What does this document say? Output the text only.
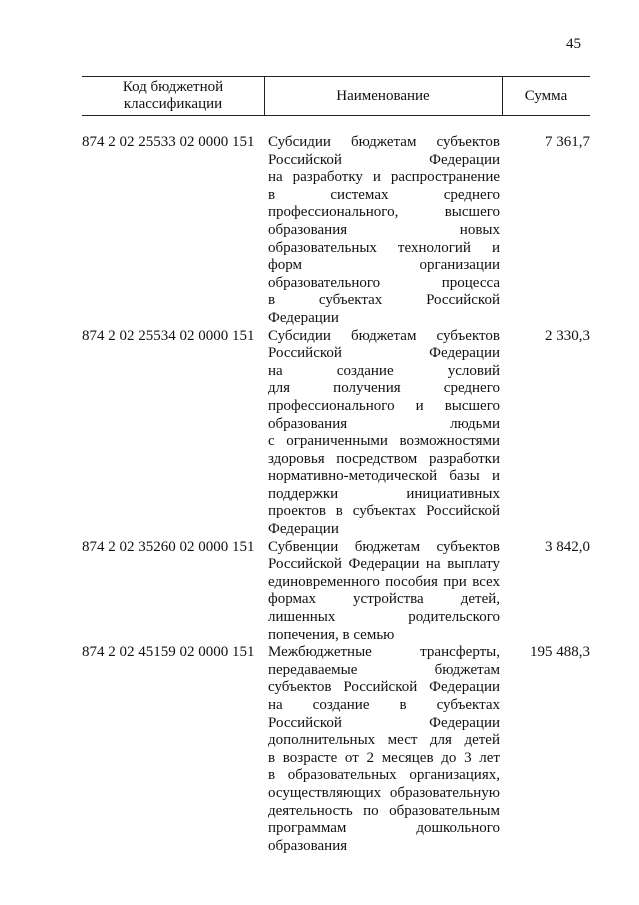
45
Код бюджетной классификации
Наименование	Сумма
874 2 02 25533 02 0000 151 Субсидии бюджетам субъектов
Российской Федерации
на разработку и распространение
в системах среднего
профессионального, высшего
образования новых
образовательных технологий и
форм организации
образовательного процесса
в субъектах Российской
Федерации
7 361,7
874 2 02 25534 02 0000 151 Субсидии бюджетам субъектов
Российской Федерации
на создание условий
для получения среднего
профессионального и высшего
образования людьми
с ограниченными возможностями
здоровья посредством разработки
нормативно-методической базы и
поддержки инициативных
проектов в субъектах Российской
Федерации
2 330,3
874 2 02 35260 02 0000 151 Субвенции бюджетам субъектов
Российской Федерации на выплату
единовременного пособия при всех
формах устройства детей,
лишенных родительского
попечения, в семью
3 842,0
874 2 02 45159 02 0000 151 Межбюджетные трансферты,
передаваемые бюджетам
субъектов Российской Федерации
на создание в субъектах
Российской Федерации
дополнительных мест для детей
в возрасте от 2 месяцев до 3 лет
в образовательных организациях,
осуществляющих образовательную
деятельность по образовательным
программам дошкольного
образования
195 488,3
